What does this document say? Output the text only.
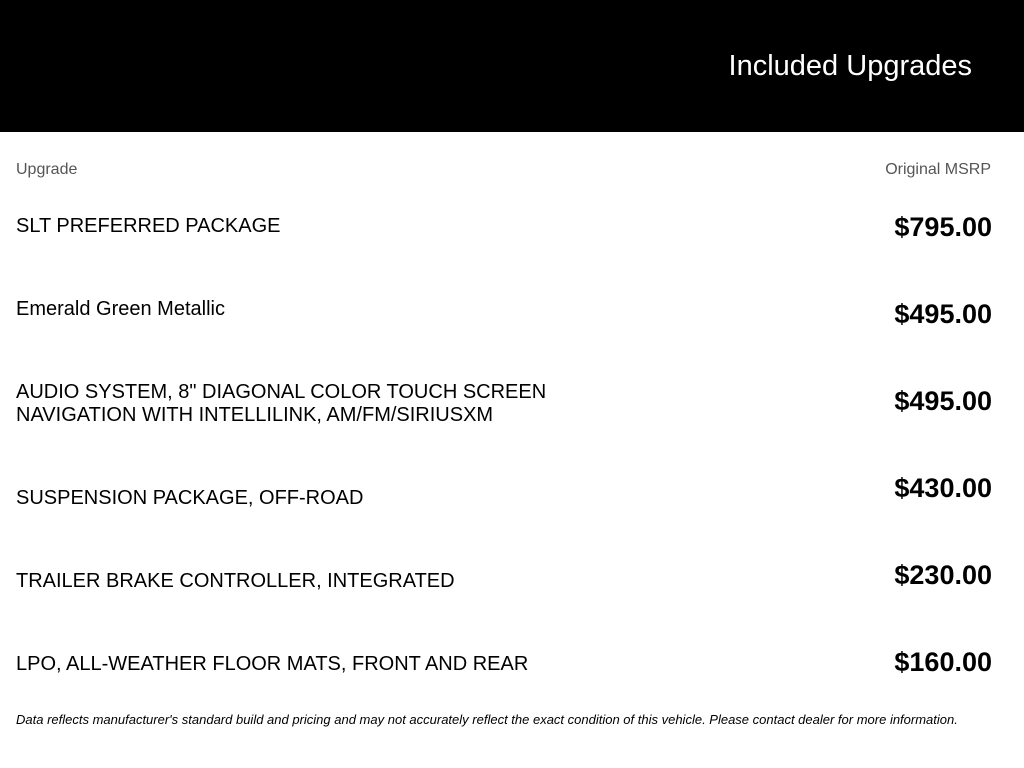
Included Upgrades
Upgrade	Original MSRP
SLT PREFERRED PACKAGE	$795.00
Emerald Green Metallic	$495.00
AUDIO SYSTEM, 8" DIAGONAL COLOR TOUCH SCREEN NAVIGATION WITH INTELLILINK, AM/FM/SIRIUSXM	$495.00
SUSPENSION PACKAGE, OFF-ROAD	$430.00
TRAILER BRAKE CONTROLLER, INTEGRATED	$230.00
LPO, ALL-WEATHER FLOOR MATS, FRONT AND REAR	$160.00
Data reflects manufacturer's standard build and pricing and may not accurately reflect the exact condition of this vehicle. Please contact dealer for more information.
